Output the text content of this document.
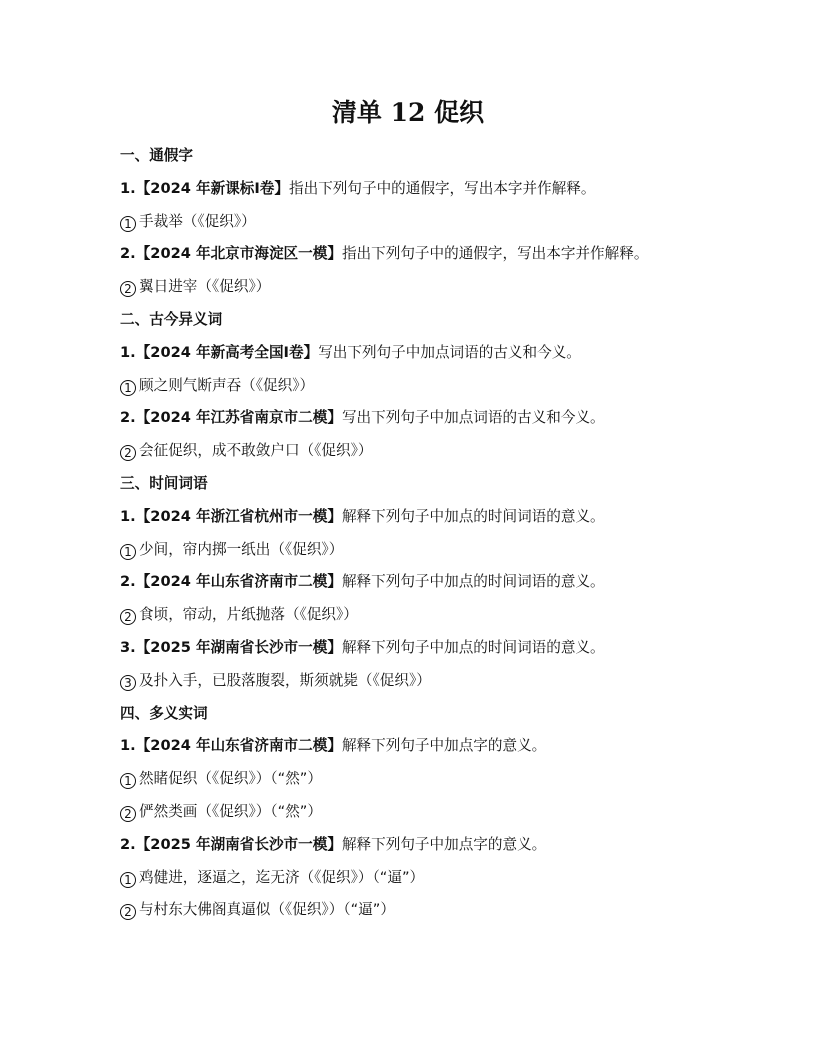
清单 12 促织
一、通假字
1.【2024 年新课标Ⅰ卷】指出下列句子中的通假字，写出本字并作解释。
1 手裁举（《促织》）
2.【2024 年北京市海淀区一模】指出下列句子中的通假字，写出本字并作解释。
2 翼日进宰（《促织》）
二、古今异义词
1.【2024 年新高考全国Ⅰ卷】写出下列句子中加点词语的古义和今义。
1 顾之则气断声吞（《促织》）
2.【2024 年江苏省南京市二模】写出下列句子中加点词语的古义和今义。
2 会征促织，成不敢敛户口（《促织》）
三、时间词语
1.【2024 年浙江省杭州市一模】解释下列句子中加点的时间词语的意义。
1 少间，帘内掷一纸出（《促织》）
2.【2024 年山东省济南市二模】解释下列句子中加点的时间词语的意义。
2 食顷，帘动，片纸抛落（《促织》）
3.【2025 年湖南省长沙市一模】解释下列句子中加点的时间词语的意义。
3 及扑入手，已股落腹裂，斯须就毙（《促织》）
四、多义实词
1.【2024 年山东省济南市二模】解释下列句子中加点字的意义。
1 然睹促织（《促织》）（“然”）
2 俨然类画（《促织》）（“然”）
2.【2025 年湖南省长沙市一模】解释下列句子中加点字的意义。
1 鸡健进，逐逼之，迄无济（《促织》）（“逼”）
2 与村东大佛阁真逼似（《促织》）（“逼”）
